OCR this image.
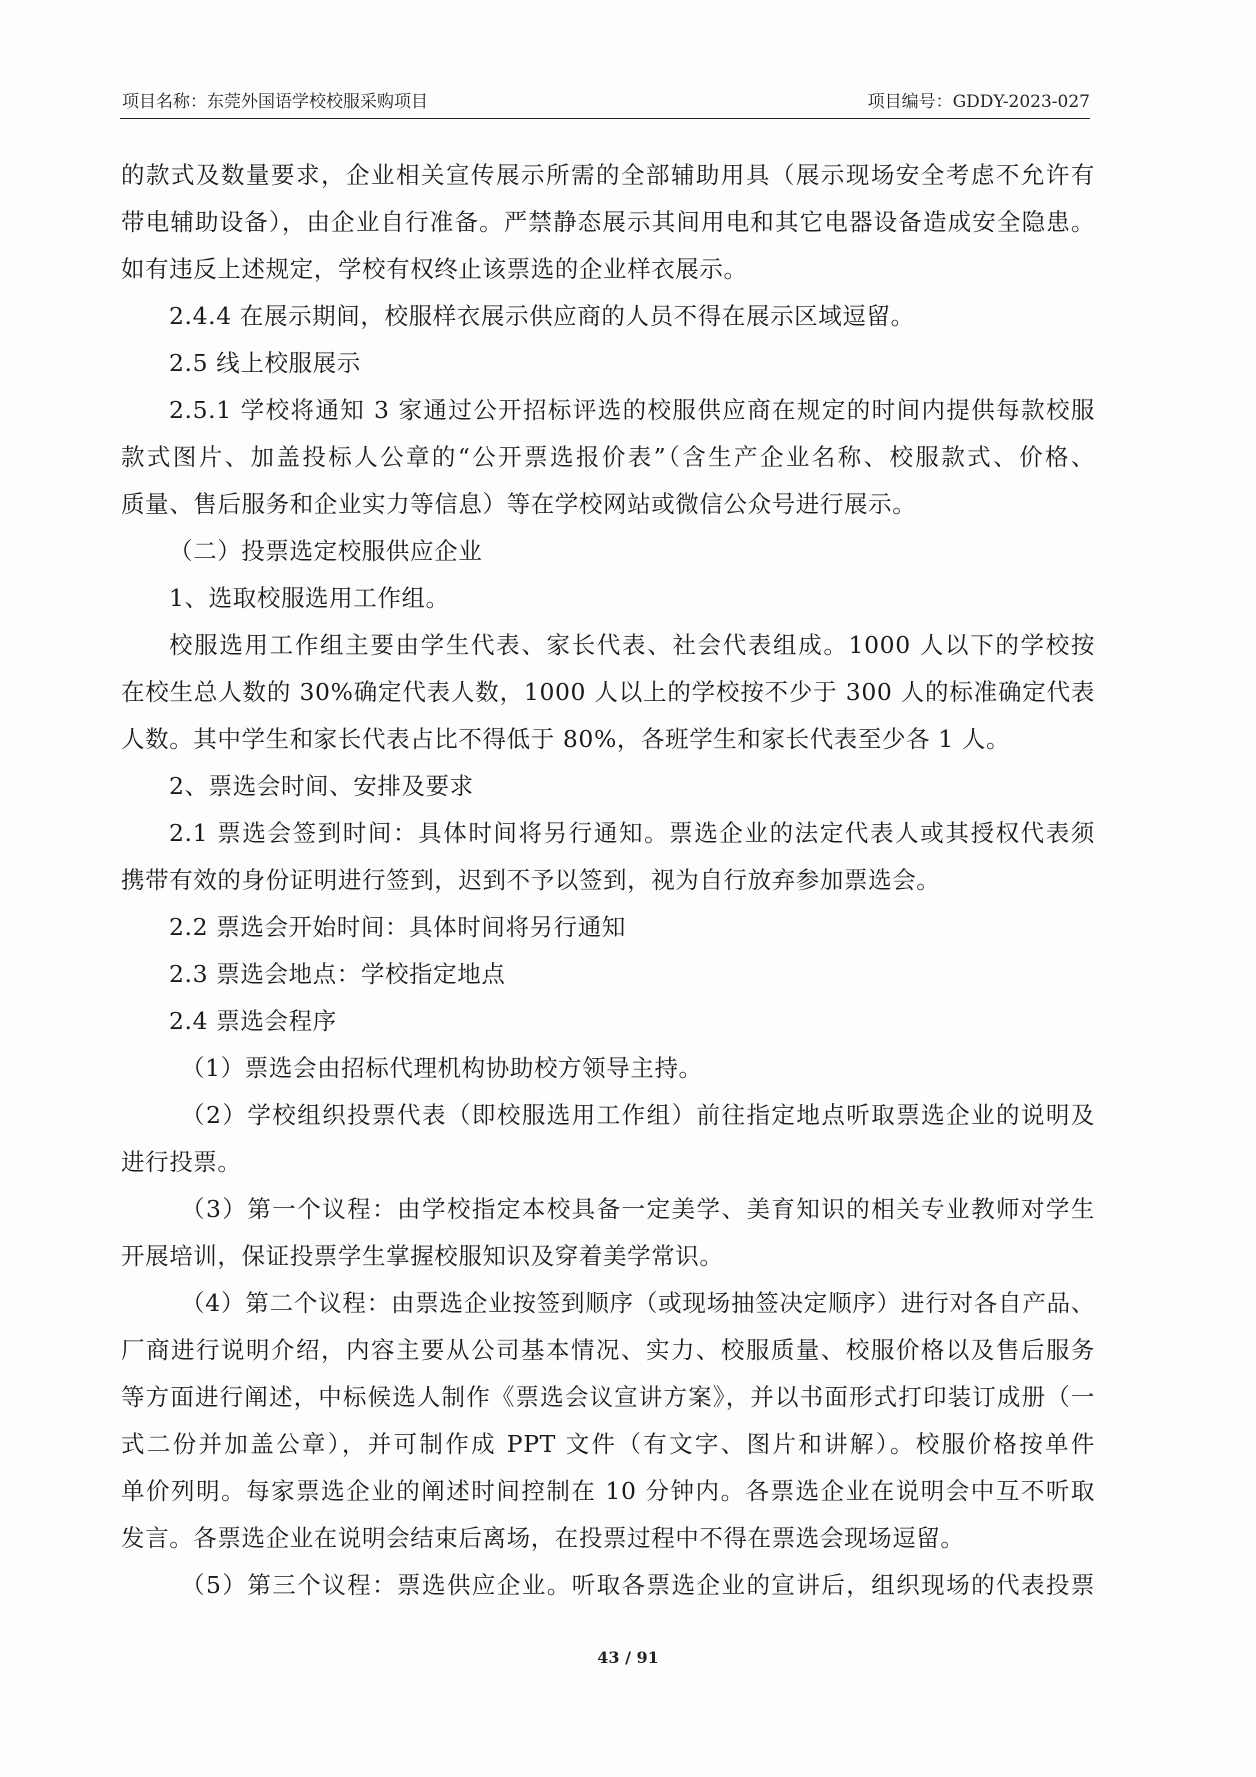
项目名称：东莞外国语学校校服采购项目	项目编号：GDDY-2023-027
的款式及数量要求，企业相关宣传展示所需的全部辅助用具（展示现场安全考虑不允许有
带电辅助设备），由企业自行准备。严禁静态展示其间用电和其它电器设备造成安全隐患。
如有违反上述规定，学校有权终止该票选的企业样衣展示。
2.4.4 在展示期间，校服样衣展示供应商的人员不得在展示区域逗留。
2.5 线上校服展示
2.5.1 学校将通知 3 家通过公开招标评选的校服供应商在规定的时间内提供每款校服
款式图片、加盖投标人公章的“公开票选报价表”（含生产企业名称、校服款式、价格、
质量、售后服务和企业实力等信息）等在学校网站或微信公众号进行展示。
（二）投票选定校服供应企业
1、选取校服选用工作组。
校服选用工作组主要由学生代表、家长代表、社会代表组成。1000 人以下的学校按
在校生总人数的 30%确定代表人数，1000 人以上的学校按不少于 300 人的标准确定代表
人数。其中学生和家长代表占比不得低于 80%，各班学生和家长代表至少各 1 人。
2、票选会时间、安排及要求
2.1 票选会签到时间：具体时间将另行通知。票选企业的法定代表人或其授权代表须
携带有效的身份证明进行签到，迟到不予以签到，视为自行放弃参加票选会。
2.2 票选会开始时间：具体时间将另行通知
2.3 票选会地点：学校指定地点
2.4 票选会程序
（1）票选会由招标代理机构协助校方领导主持。
（2）学校组织投票代表（即校服选用工作组）前往指定地点听取票选企业的说明及
进行投票。
（3）第一个议程：由学校指定本校具备一定美学、美育知识的相关专业教师对学生
开展培训，保证投票学生掌握校服知识及穿着美学常识。
（4）第二个议程：由票选企业按签到顺序（或现场抽签决定顺序）进行对各自产品、
厂商进行说明介绍，内容主要从公司基本情况、实力、校服质量、校服价格以及售后服务
等方面进行阐述，中标候选人制作《票选会议宣讲方案》，并以书面形式打印装订成册（一
式二份并加盖公章），并可制作成 PPT 文件（有文字、图片和讲解）。校服价格按单件
单价列明。每家票选企业的阐述时间控制在 10 分钟内。各票选企业在说明会中互不听取
发言。各票选企业在说明会结束后离场，在投票过程中不得在票选会现场逗留。
（5）第三个议程：票选供应企业。听取各票选企业的宣讲后，组织现场的代表投票
43 / 91
